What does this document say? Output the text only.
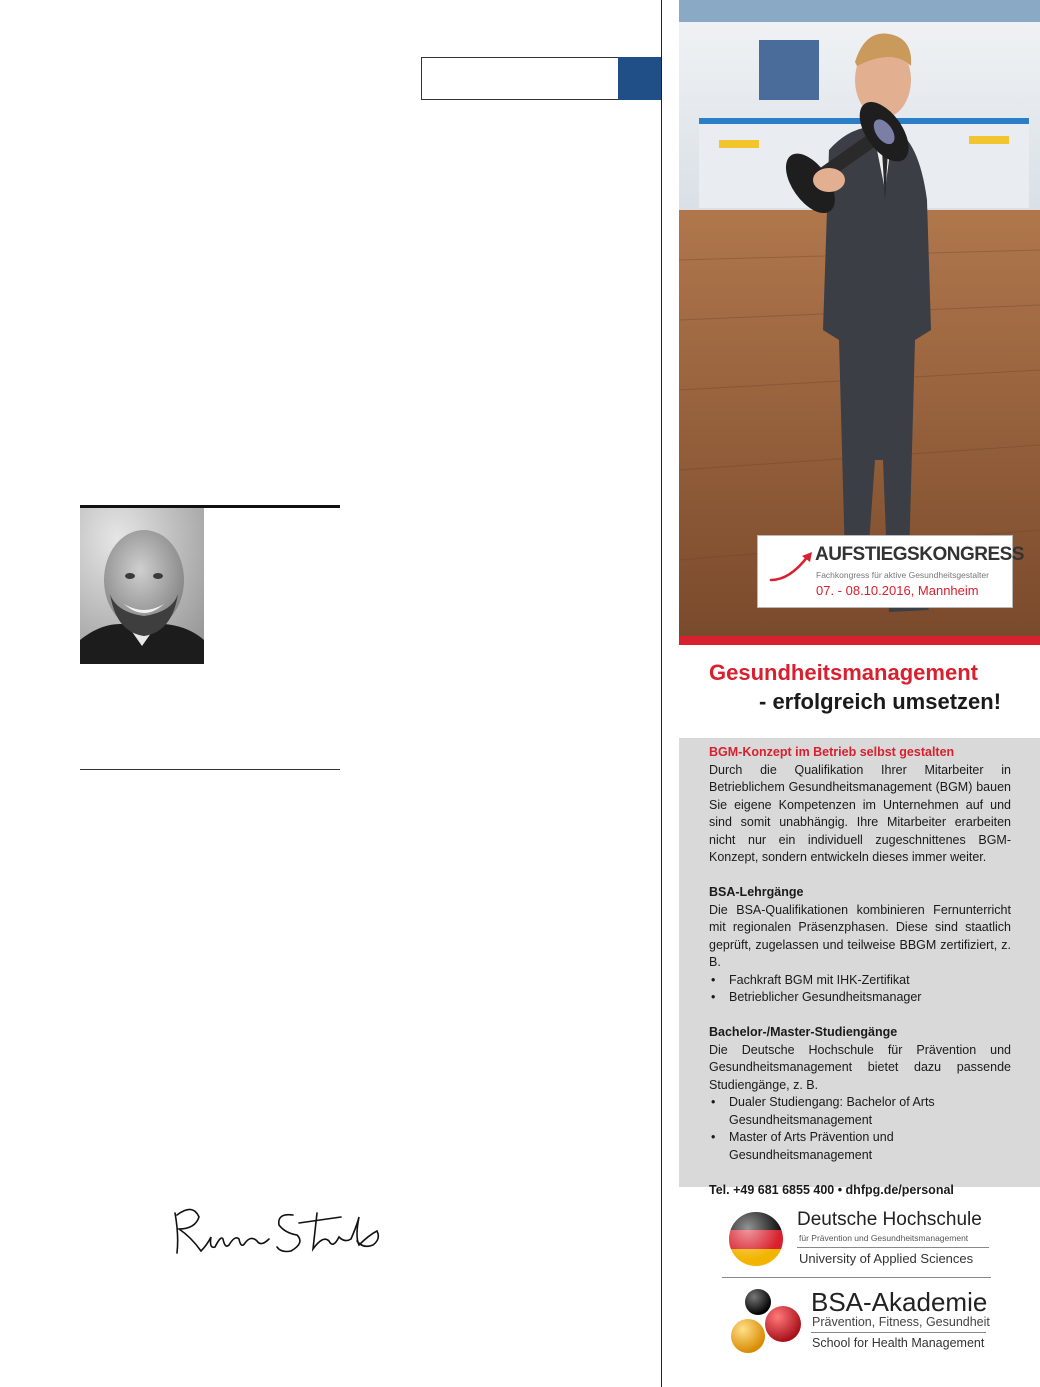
AUFSTIEGSKONGRESS
Fachkongress für aktive Gesundheitsgestalter
07. - 08.10.2016, Mannheim
Gesundheitsmanagement
- erfolgreich umsetzen!
BGM-Konzept im Betrieb selbst gestalten
Durch die Qualifikation Ihrer Mitarbeiter in Betrieblichem Gesundheitsmanagement (BGM) bauen Sie eigene Kompetenzen im Unternehmen auf und sind somit unabhängig. Ihre Mitarbeiter erarbeiten nicht nur ein individuell zugeschnittenes BGM-Konzept, sondern entwickeln dieses immer weiter.
BSA-Lehrgänge
Die BSA-Qualifikationen kombinieren Fernunterricht mit regionalen Präsenzphasen. Diese sind staatlich geprüft, zugelassen und teilweise BBGM zertifiziert, z. B.
• Fachkraft BGM mit IHK-Zertifikat
• Betrieblicher Gesundheitsmanager
Bachelor-/Master-Studiengänge
Die Deutsche Hochschule für Prävention und Gesundheitsmanagement bietet dazu passende Studiengänge, z. B.
• Dualer Studiengang: Bachelor of Arts Gesundheitsmanagement
• Master of Arts Prävention und Gesundheitsmanagement
Tel. +49 681 6855 400 • dhfpg.de/personal
Deutsche Hochschule
für Prävention und Gesundheitsmanagement
University of Applied Sciences
BSA-Akademie
Prävention, Fitness, Gesundheit
School for Health Management
